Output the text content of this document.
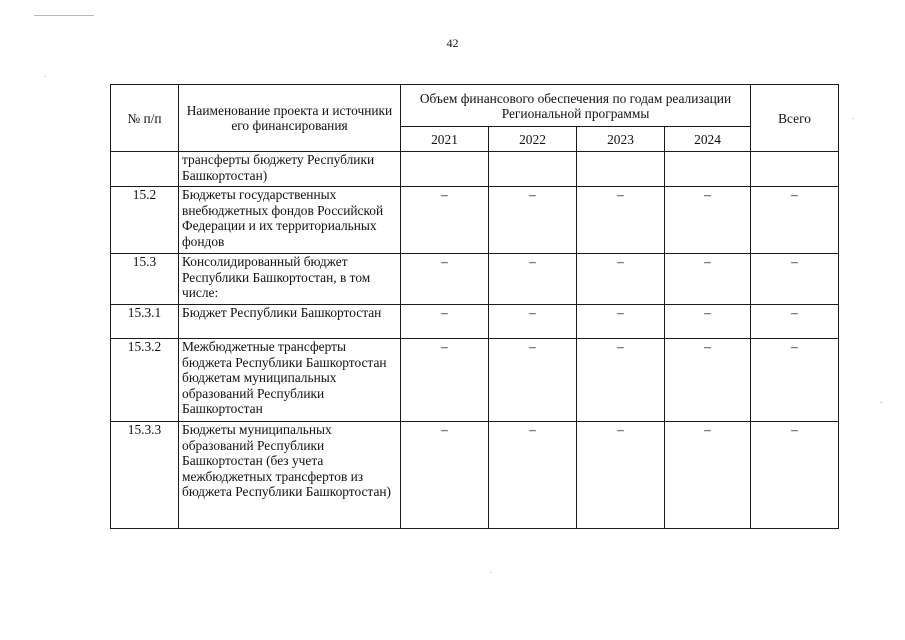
· · ·
42
№ п/п	Наименование проекта и источники его финансирования	Объем финансового обеспечения по годам реализации Региональной программы				Всего
		2021	2022	2023	2024	
	трансферты бюджету Республики Башкортостан)					
15.2	Бюджеты государственных внебюджетных фондов Российской Федерации и их территориальных фондов	–	–	–	–	–
15.3	Консолидированный бюджет Республики Башкортостан, в том числе:	–	–	–	–	–
15.3.1	Бюджет Республики Башкортостан	–	–	–	–	–
15.3.2	Межбюджетные трансферты бюджета Республики Башкортостан бюджетам муниципальных образований Республики Башкортостан	–	–	–	–	–
15.3.3	Бюджеты муниципальных образований Республики Башкортостан (без учета межбюджетных трансфертов из бюджета Республики Башкортостан)	–	–	–	–	–
